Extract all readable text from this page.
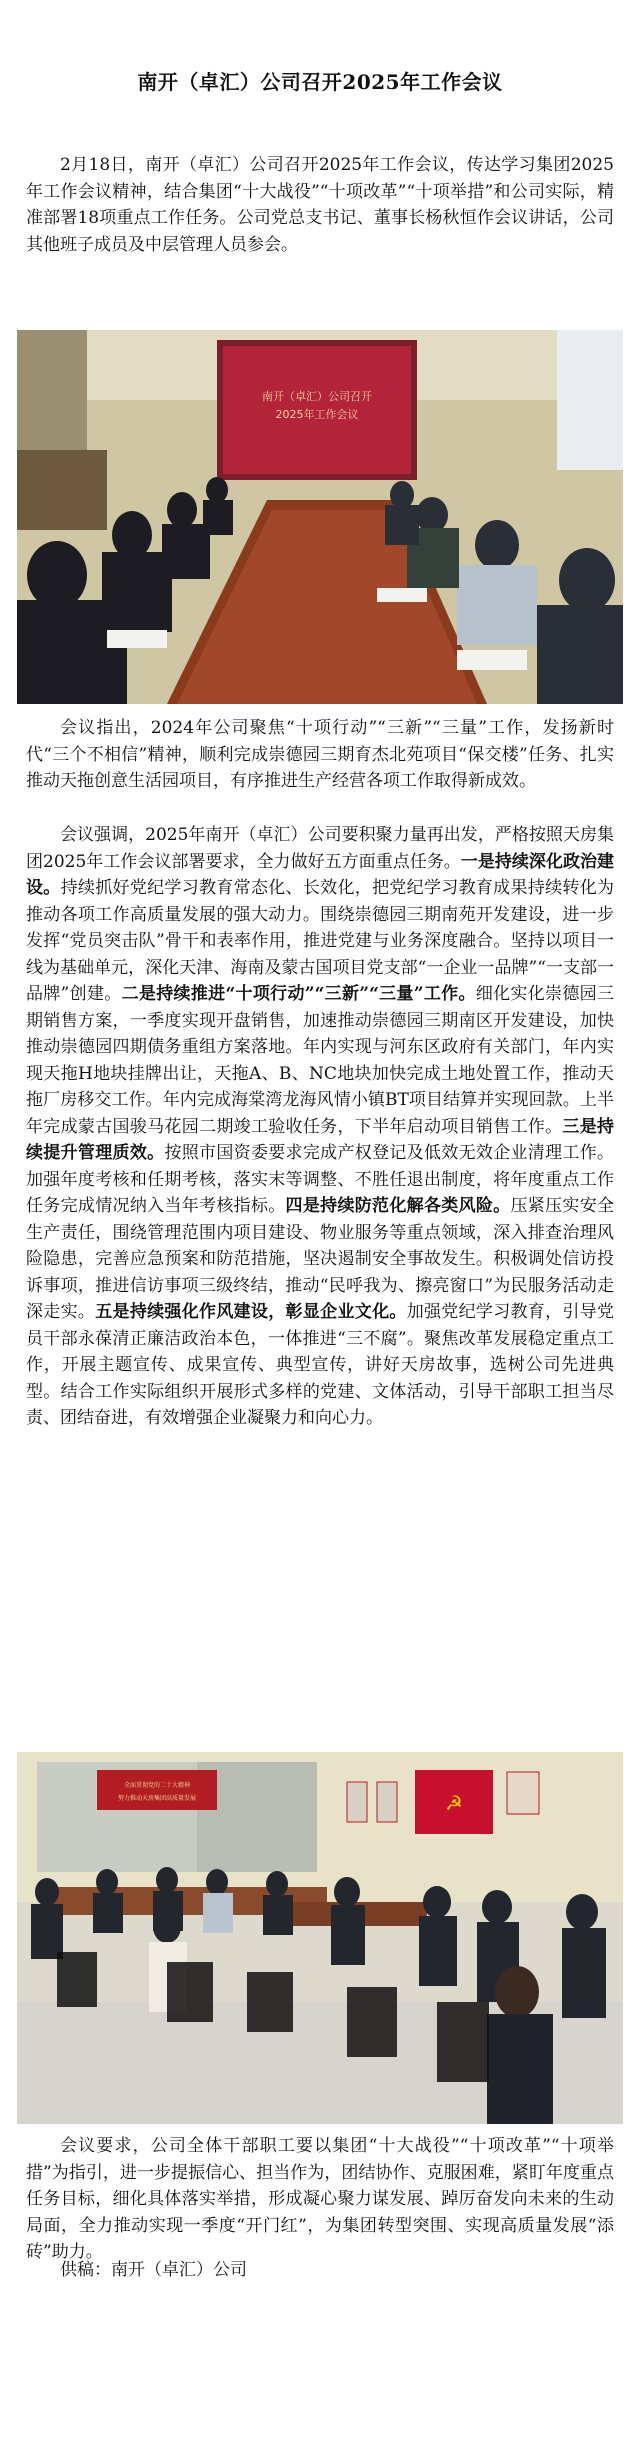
南开（卓汇）公司召开2025年工作会议

2月18日，南开（卓汇）公司召开2025年工作会议，传达学习集团2025年工作会议精神，结合集团“十大战役”“十项改革”“十项举措”和公司实际，精准部署18项重点工作任务。公司党总支书记、董事长杨秋恒作会议讲话，公司其他班子成员及中层管理人员参会。

南开（卓汇）公司召开
2025年工作会议

会议指出，2024年公司聚焦“十项行动”“三新”“三量”工作，发扬新时代“三个不相信”精神，顺利完成崇德园三期育杰北苑项目“保交楼”任务、扎实推动天拖创意生活园项目，有序推进生产经营各项工作取得新成效。

会议强调，2025年南开（卓汇）公司要积聚力量再出发，严格按照天房集团2025年工作会议部署要求，全力做好五方面重点任务。一是持续深化政治建设。持续抓好党纪学习教育常态化、长效化，把党纪学习教育成果持续转化为推动各项工作高质量发展的强大动力。围绕崇德园三期南苑开发建设，进一步发挥“党员突击队”骨干和表率作用，推进党建与业务深度融合。坚持以项目一线为基础单元，深化天津、海南及蒙古国项目党支部“一企业一品牌”“一支部一品牌”创建。二是持续推进“十项行动”“三新”“三量”工作。细化实化崇德园三期销售方案，一季度实现开盘销售，加速推动崇德园三期南区开发建设，加快推动崇德园四期债务重组方案落地。年内实现与河东区政府有关部门，年内实现天拖H地块挂牌出让，天拖A、B、NC地块加快完成土地处置工作，推动天拖厂房移交工作。年内完成海棠湾龙海风情小镇BT项目结算并实现回款。上半年完成蒙古国骏马花园二期竣工验收任务，下半年启动项目销售工作。三是持续提升管理质效。按照市国资委要求完成产权登记及低效无效企业清理工作。加强年度考核和任期考核，落实末等调整、不胜任退出制度，将年度重点工作任务完成情况纳入当年考核指标。四是持续防范化解各类风险。压紧压实安全生产责任，围绕管理范围内项目建设、物业服务等重点领域，深入排查治理风险隐患，完善应急预案和防范措施，坚决遏制安全事故发生。积极调处信访投诉事项，推进信访事项三级终结，推动“民呼我为、擦亮窗口”为民服务活动走深走实。五是持续强化作风建设，彰显企业文化。加强党纪学习教育，引导党员干部永葆清正廉洁政治本色，一体推进“三不腐”。聚焦改革发展稳定重点工作，开展主题宣传、成果宣传、典型宣传，讲好天房故事，选树公司先进典型。结合工作实际组织开展形式多样的党建、文体活动，引导干部职工担当尽责、团结奋进，有效增强企业凝聚力和向心力。

全面贯彻党的二十大精神
努力推动天房集团高质量发展	☭

会议要求，公司全体干部职工要以集团“十大战役”“十项改革”“十项举措”为指引，进一步提振信心、担当作为，团结协作、克服困难，紧盯年度重点任务目标，细化具体落实举措，形成凝心聚力谋发展、踔厉奋发向未来的生动局面，全力推动实现一季度“开门红”，为集团转型突围、实现高质量发展“添砖”助力。

供稿：南开（卓汇）公司
